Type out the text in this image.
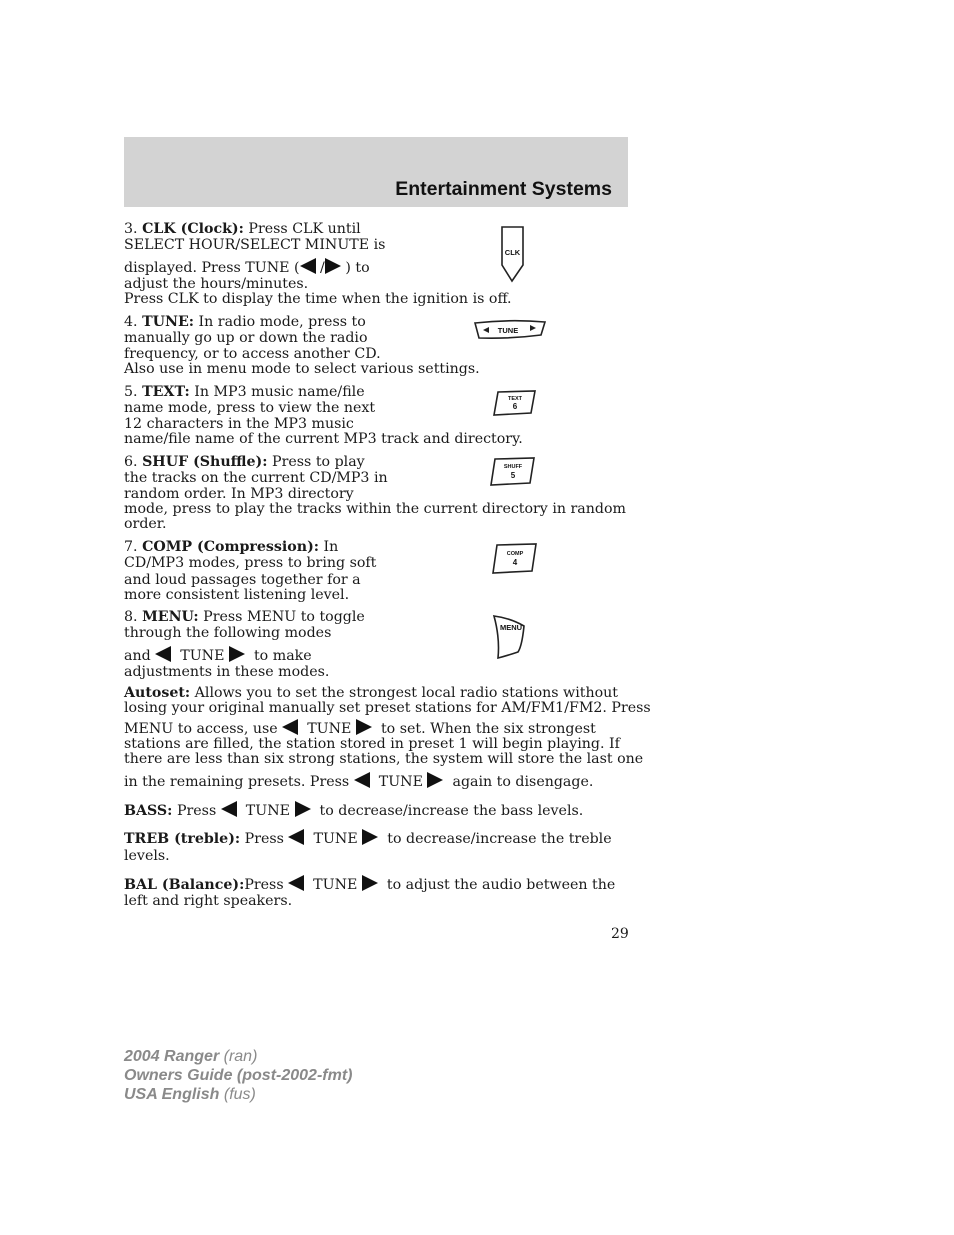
Entertainment Systems
3. CLK (Clock): Press CLK until
SELECT HOUR/SELECT MINUTE is
displayed. Press TUNE ( / ) to
adjust the hours/minutes.
Press CLK to display the time when the ignition is off.
CLK
4. TUNE: In radio mode, press to
manually go up or down the radio
frequency, or to access another CD.
Also use in menu mode to select various settings.
TUNE
5. TEXT: In MP3 music name/file
name mode, press to view the next
12 characters in the MP3 music
name/file name of the current MP3 track and directory.
TEXT
6
6. SHUF (Shuffle): Press to play
the tracks on the current CD/MP3 in
random order. In MP3 directory
mode, press to play the tracks within the current directory in random
order.
SHUFF
5
7. COMP (Compression): In
CD/MP3 modes, press to bring soft
and loud passages together for a
more consistent listening level.
COMP
4
8. MENU: Press MENU to toggle
through the following modes
and TUNE to make
adjustments in these modes.
MENU
Autoset: Allows you to set the strongest local radio stations without
losing your original manually set preset stations for AM/FM1/FM2. Press
MENU to access, use TUNE to set. When the six strongest
stations are filled, the station stored in preset 1 will begin playing. If
there are less than six strong stations, the system will store the last one
in the remaining presets. Press TUNE again to disengage.
BASS: Press TUNE to decrease/increase the bass levels.
TREB (treble): Press TUNE to decrease/increase the treble
levels.
BAL (Balance):Press TUNE to adjust the audio between the
left and right speakers.
29
2004 Ranger (ran)
Owners Guide (post-2002-fmt)
USA English (fus)
